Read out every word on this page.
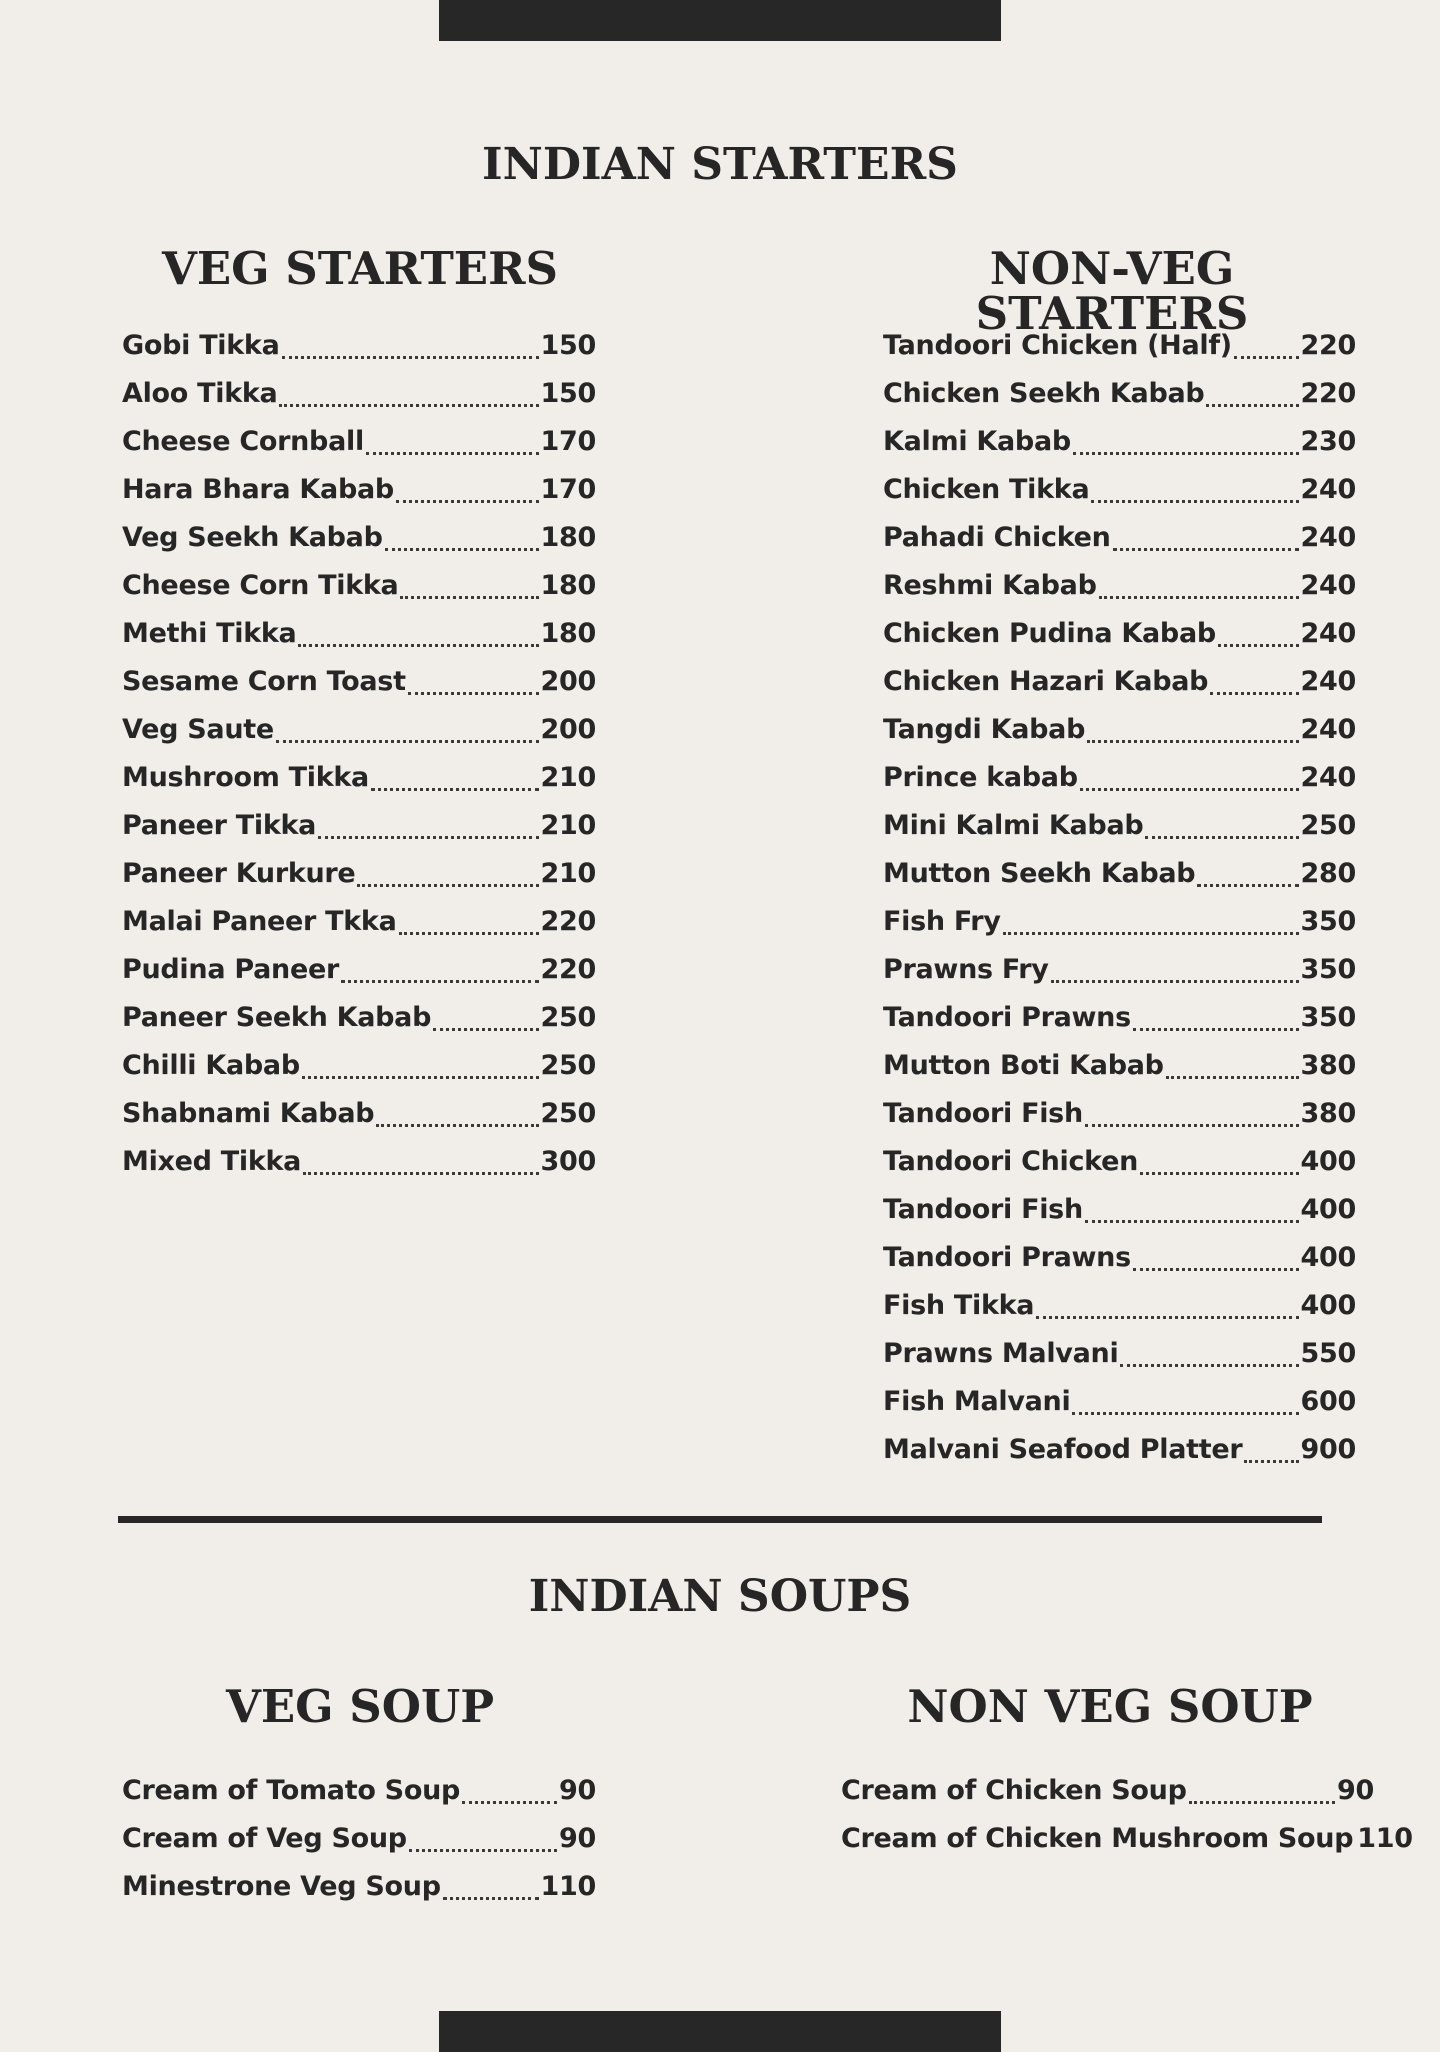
INDIAN STARTERS
VEG STARTERS	NON-VEG STARTERS
Gobi Tikka	150
Aloo Tikka	150
Cheese Cornball	170
Hara Bhara Kabab	170
Veg Seekh Kabab	180
Cheese Corn Tikka	180
Methi Tikka	180
Sesame Corn Toast	200
Veg Saute	200
Mushroom Tikka	210
Paneer Tikka	210
Paneer Kurkure	210
Malai Paneer Tkka	220
Pudina Paneer	220
Paneer Seekh Kabab	250
Chilli Kabab	250
Shabnami Kabab	250
Mixed Tikka	300
Tandoori Chicken (Half)	220
Chicken Seekh Kabab	220
Kalmi Kabab	230
Chicken Tikka	240
Pahadi Chicken	240
Reshmi Kabab	240
Chicken Pudina Kabab	240
Chicken Hazari Kabab	240
Tangdi Kabab	240
Prince kabab	240
Mini Kalmi Kabab	250
Mutton Seekh Kabab	280
Fish Fry	350
Prawns Fry	350
Tandoori Prawns	350
Mutton Boti Kabab	380
Tandoori Fish	380
Tandoori Chicken	400
Tandoori Fish	400
Tandoori Prawns	400
Fish Tikka	400
Prawns Malvani	550
Fish Malvani	600
Malvani Seafood Platter 900
INDIAN SOUPS
VEG SOUP	NON VEG SOUP
Cream of Tomato Soup	90
Cream of Veg Soup	90
Minestrone Veg Soup	110
Cream of Chicken Soup	90
Cream of Chicken Mushroom Soup 110
